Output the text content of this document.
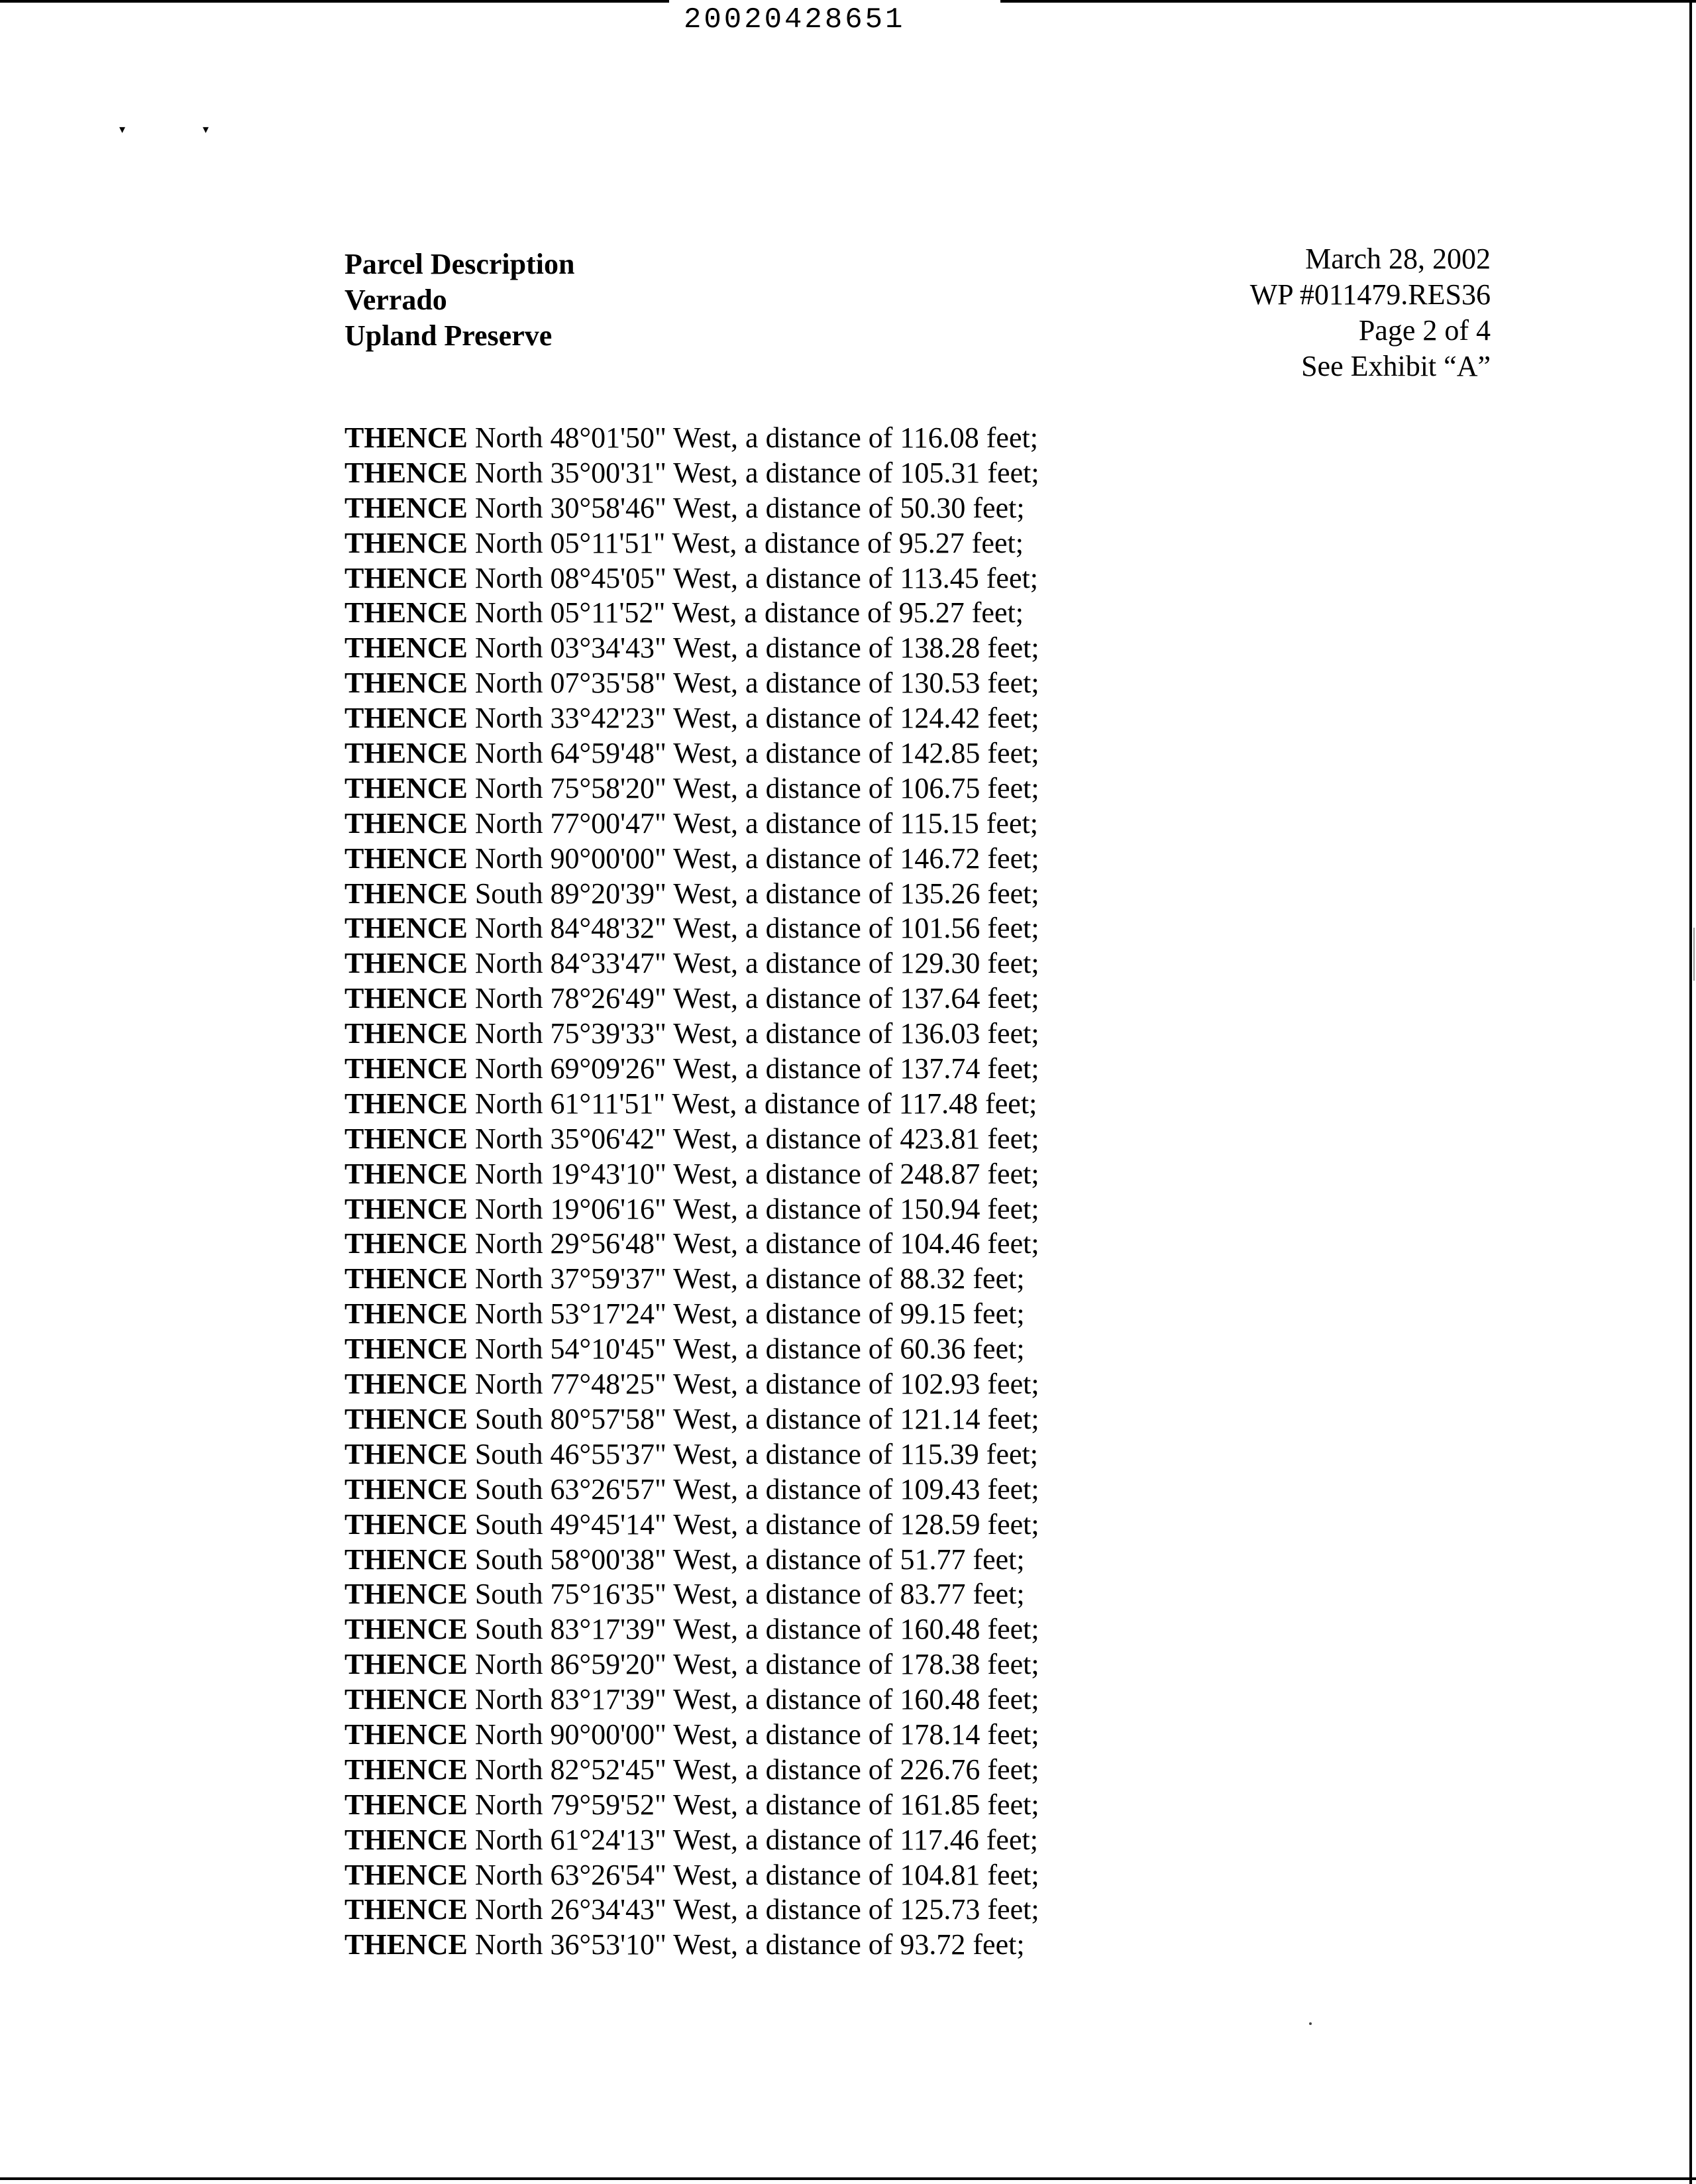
20020428651
▾	▾
Parcel Description
Verrado
Upland Preserve
March 28, 2002
WP #011479.RES36
Page 2 of 4
See Exhibit “A”
THENCE North 48°01'50" West, a distance of 116.08 feet;
THENCE North 35°00'31" West, a distance of 105.31 feet;
THENCE North 30°58'46" West, a distance of 50.30 feet;
THENCE North 05°11'51" West, a distance of 95.27 feet;
THENCE North 08°45'05" West, a distance of 113.45 feet;
THENCE North 05°11'52" West, a distance of 95.27 feet;
THENCE North 03°34'43" West, a distance of 138.28 feet;
THENCE North 07°35'58" West, a distance of 130.53 feet;
THENCE North 33°42'23" West, a distance of 124.42 feet;
THENCE North 64°59'48" West, a distance of 142.85 feet;
THENCE North 75°58'20" West, a distance of 106.75 feet;
THENCE North 77°00'47" West, a distance of 115.15 feet;
THENCE North 90°00'00" West, a distance of 146.72 feet;
THENCE South 89°20'39" West, a distance of 135.26 feet;
THENCE North 84°48'32" West, a distance of 101.56 feet;
THENCE North 84°33'47" West, a distance of 129.30 feet;
THENCE North 78°26'49" West, a distance of 137.64 feet;
THENCE North 75°39'33" West, a distance of 136.03 feet;
THENCE North 69°09'26" West, a distance of 137.74 feet;
THENCE North 61°11'51" West, a distance of 117.48 feet;
THENCE North 35°06'42" West, a distance of 423.81 feet;
THENCE North 19°43'10" West, a distance of 248.87 feet;
THENCE North 19°06'16" West, a distance of 150.94 feet;
THENCE North 29°56'48" West, a distance of 104.46 feet;
THENCE North 37°59'37" West, a distance of 88.32 feet;
THENCE North 53°17'24" West, a distance of 99.15 feet;
THENCE North 54°10'45" West, a distance of 60.36 feet;
THENCE North 77°48'25" West, a distance of 102.93 feet;
THENCE South 80°57'58" West, a distance of 121.14 feet;
THENCE South 46°55'37" West, a distance of 115.39 feet;
THENCE South 63°26'57" West, a distance of 109.43 feet;
THENCE South 49°45'14" West, a distance of 128.59 feet;
THENCE South 58°00'38" West, a distance of 51.77 feet;
THENCE South 75°16'35" West, a distance of 83.77 feet;
THENCE South 83°17'39" West, a distance of 160.48 feet;
THENCE North 86°59'20" West, a distance of 178.38 feet;
THENCE North 83°17'39" West, a distance of 160.48 feet;
THENCE North 90°00'00" West, a distance of 178.14 feet;
THENCE North 82°52'45" West, a distance of 226.76 feet;
THENCE North 79°59'52" West, a distance of 161.85 feet;
THENCE North 61°24'13" West, a distance of 117.46 feet;
THENCE North 63°26'54" West, a distance of 104.81 feet;
THENCE North 26°34'43" West, a distance of 125.73 feet;
THENCE North 36°53'10" West, a distance of 93.72 feet;
